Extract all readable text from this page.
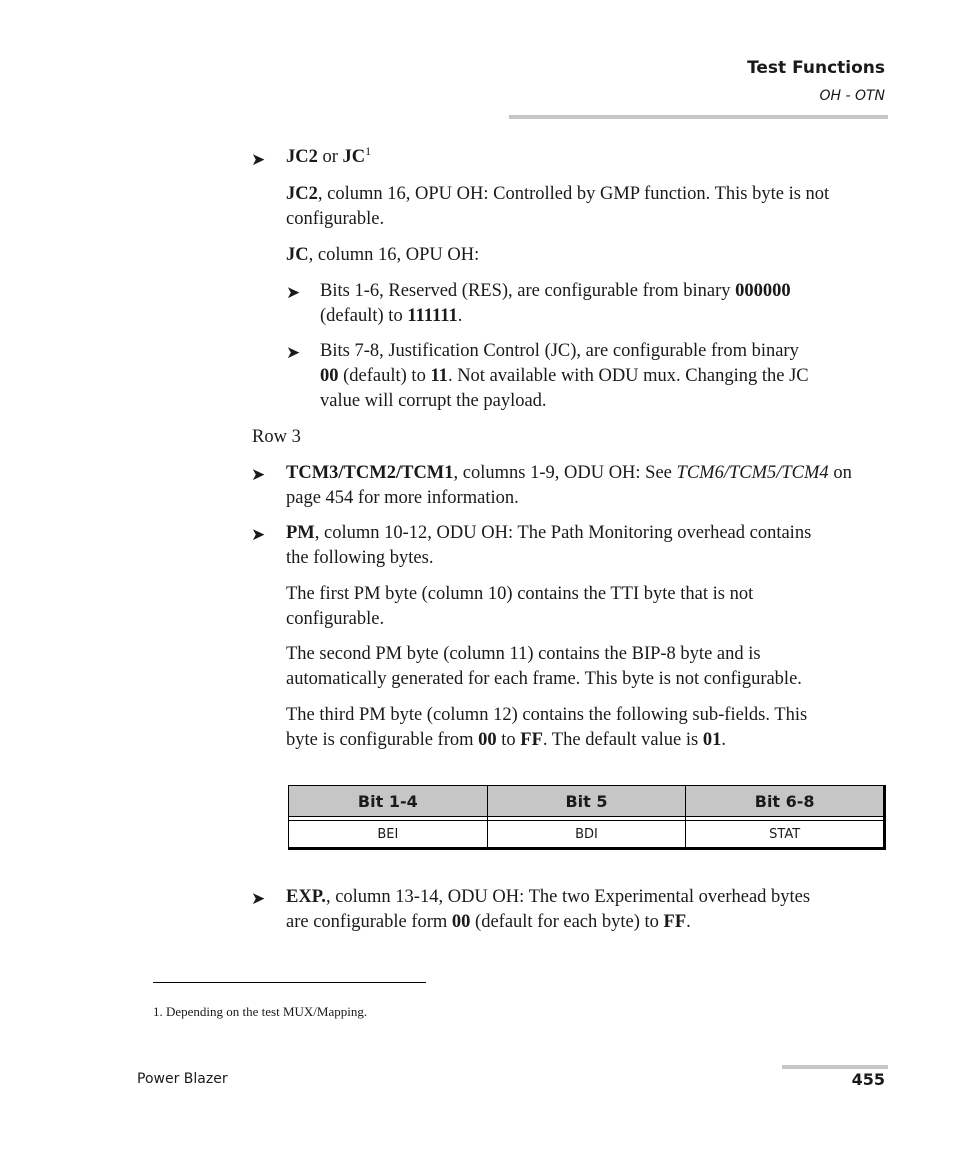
Test Functions
OH - OTN
➤ JC2 or $JC^1$
JC2, column 16, OPU OH: Controlled by GMP function. This byte is not
configurable.
JC, column 16, OPU OH:
➤ Bits 1-6, Reserved (RES), are configurable from binary 000000
(default) to 111111.
➤ Bits 7-8, Justification Control (JC), are configurable from binary
00 (default) to 11. Not available with ODU mux. Changing the JC
value will corrupt the payload.
Row 3
➤ TCM3/TCM2/TCM1, columns 1-9, ODU OH: See TCM6/TCM5/TCM4 on
page 454 for more information.
➤ PM, column 10-12, ODU OH: The Path Monitoring overhead contains
the following bytes.
The first PM byte (column 10) contains the TTI byte that is not
configurable.
The second PM byte (column 11) contains the BIP-8 byte and is
automatically generated for each frame. This byte is not configurable.
The third PM byte (column 12) contains the following sub-fields. This
byte is configurable from 00 to FF. The default value is 01.
Bit 1-4	Bit 5	Bit 6-8

BEI	BDI	STAT
➤ EXP., column 13-14, ODU OH: The two Experimental overhead bytes
are configurable form 00 (default for each byte) to FF.
1. Depending on the test MUX/Mapping.
Power Blazer	455
